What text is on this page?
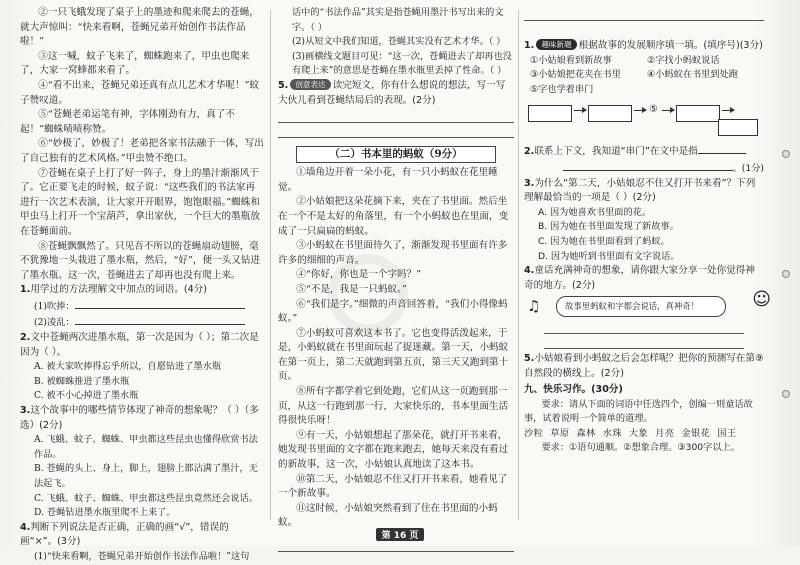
②一只飞蛾发现了桌子上的墨迹和爬来爬去的苍蝇，就大声惊叫：“快来看啊，苍蝇兄弟开始创作书法作品啦！”

③这一喊，蚊子飞来了，蜘蛛跑来了，甲虫也爬来了，大家一窝蜂都来看了。

④“看不出来，苍蝇兄弟还真有点儿艺术才华呢！”蚊子赞叹道。

⑤“苍蝇老弟运笔有神，字体刚劲有力，真了不起！”蜘蛛啧啧称赞。

⑥“妙极了，妙极了！老弟把各家书法融于一体，写出了自己独有的艺术风格。”甲虫赞不绝口。

⑦苍蝇在桌子上打了好一阵子，身上的墨汁渐渐风干了。它正要飞走的时候，蚊子说：“这些我们的书法家再进行一次艺术表演，让大家开开眼界，饱饱眼福。”蜘蛛和甲虫马上打开一个宝葫芦，拿出家伙，一个巨大的墨瓶放在苍蝇面前。

⑧苍蝇飘飘然了。只见吾不所以的苍蝇扇动翅膀，毫不犹豫地一头栽进了墨水瓶，然后，“好”，便一头又钻进了墨水瓶。这一次，苍蝇进去了却再也没有爬上来。

1.用学过的方法理解文中加点的词语。(4分)

(1)吹捧：

(2)凌乱：

2.文中苍蝇两次进墨水瓶，第一次是因为（ ）；第二次是因为（ ）。

A. 被大家吹捧得忘乎所以，自愿钻进了墨水瓶

B. 被蜘蛛推进了墨水瓶

C. 被不小心掉进了墨水瓶

3.这个故事中的哪些情节体现了神奇的想象呢？（ ）（多选）(2分)

A. 飞蛾、蚊子、蜘蛛、甲虫都这些昆虫也懂得欣赏书法作品。

B. 苍蝇的头上、身上，脚上，翅膀上都沾满了墨汁，无法起飞。

C. 飞蛾、蚊子、蜘蛛、甲虫都这些昆虫竟然还会说话。

D. 苍蝇钻进墨水瓶里爬不上来了。

4.判断下列说法是否正确，正确的画“√”，错误的画“×”。(3分)

(1)“快来看啊，苍蝇兄弟开始创作书法作品啦！”这句

话中的“书法作品”其实是指苍蝇用墨汁书写出来的文字。（ ）

(2)从短文中我们知道，苍蝇其实没有艺术才华。（ ）

(3)画横线文题目可见：“这一次，苍蝇进去了却再也没有爬上来”的意思是苍蝇在墨水瓶里丢掉了性命。（ ）

5. 创意表达 读完短文，你有什么想说的想法，写一写大伙儿看到苍蝇结局后的表现。(2分)

（二）书本里的蚂蚁（9分）

①墙角边开着一朵小花，有一只小蚂蚁在花里睡觉。

②小姑娘把这朵花摘下来，夹在了书里面。然后坐在一个不是太好的角落里，有一个小蚂蚁也在里面，变成了一只扁扁的蚂蚁。

③小蚂蚁在书里面待久了，渐渐发现书里面有许多许多的细细的声音。

④“你好，你也是一个字吗？”

⑤“不是，我是一只蚂蚁。”

⑥“我们是字。”细微的声音回答着，“我们小得像蚂蚁。”

⑦小蚂蚁可喜欢这本书了。它也变得活泼起来，于是，小蚂蚁就在书里面玩起了捉迷藏。第一天，小蚂蚁在第一页上，第二天就跑到第五页，第三天又跑到第十页。

⑧所有字都学着它到处跑，它们从这一页跑到那一页，从这一行跑到那一行，大家快乐的，书本里面生活得很快乐呀！

⑨有一天，小姑娘想起了那朵花，就打开书来看，她发现书里面的文字都在跑来跑去，她每天来没有看过的新故事，这一次，小姑娘认真地读了这本书。

⑩第二天，小姑娘忍不住又打开书来看，她看见了一个新故事。

⑪这时候，小姑娘突然看到了住在书里面的小蚂蚁。

1. 趣味新题 根据故事的发展顺序填一填。(填序号)(3分)

①小姑娘看到新故事	②字找小蚂蚁说话
③小姑娘把花夹在书里	④小蚂蚁在书里到处跑
⑤字也学着串门
⑤

2.联系上下文，我知道“串门”在文中是指

。(1分)

3.为什么“第二天，小姑娘忍不住又打开书来看”？下列理解最恰当的一项是（ ）(2分)

A. 因为她喜欢书里面的花。

B. 因为她在书里面发现了新故事。

C. 因为她在书里面看到了蚂蚁。

D. 因为她听到书里面有文字说话。

4.童话充满神奇的想象，请你跟大家分享一处你觉得神奇的地方。(2分)

♫	故事里蚂蚁和字都会说话，真神奇！	☺

5.小姑娘看到小蚂蚁之后会怎样呢？把你的预测写在第⑨自然段的横线上。(2分)

九、快乐习作。(30分)

要求：请从下面的词语中任选四个，创编一则童话故事，试着说明一个简单的道理。

沙粒 草原 森林 水珠 大象 月亮 金银花 国王

要求：①语句通顺。②想象合理。③300字以上。

第 16 页
